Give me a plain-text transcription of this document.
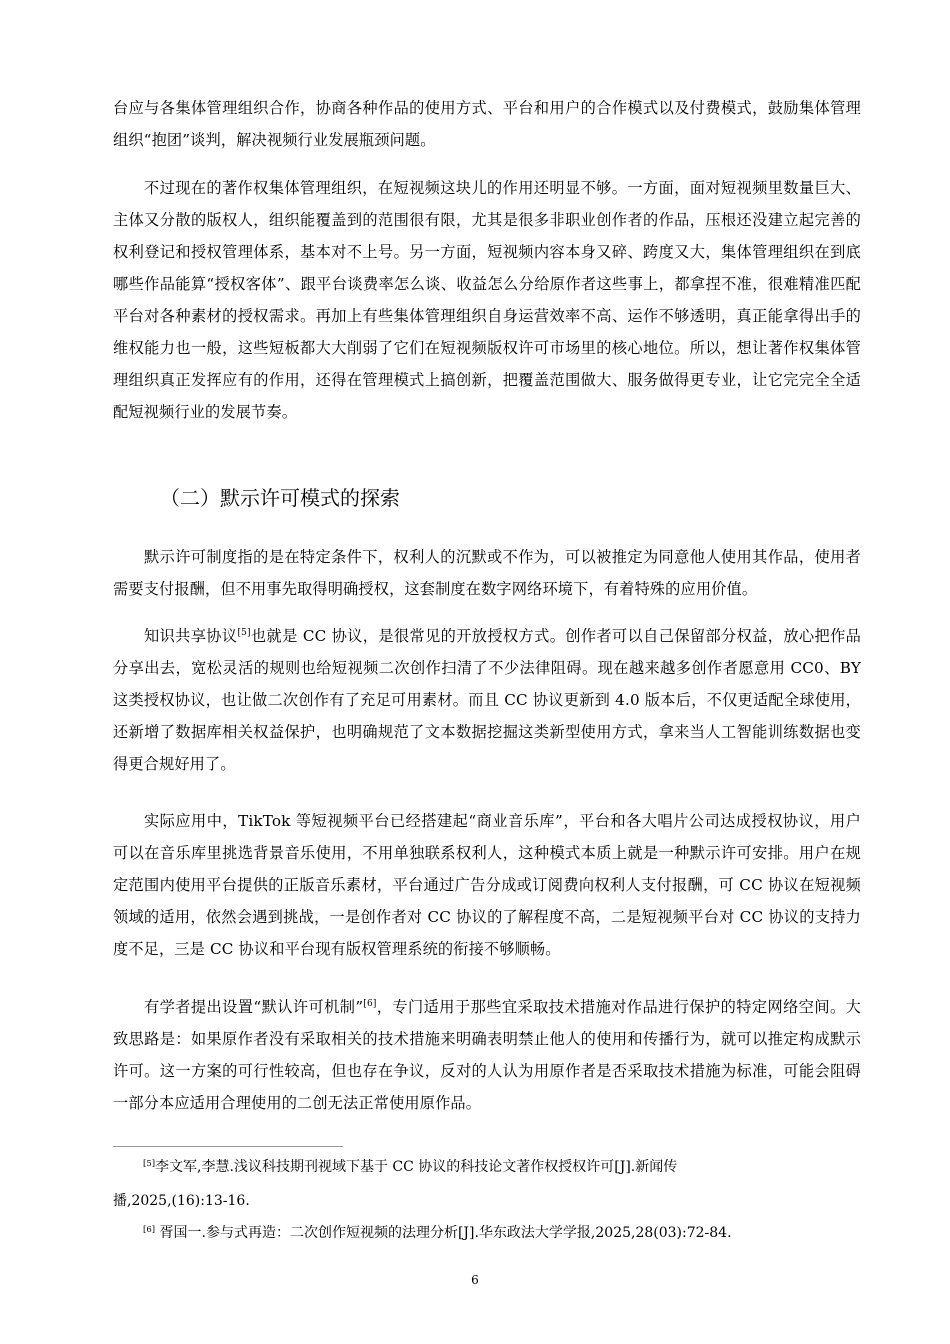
台应与各集体管理组织合作，协商各种作品的使用方式、平台和用户的合作模式以及付费模式，鼓励集体管理组织“抱团”谈判，解决视频行业发展瓶颈问题。

不过现在的著作权集体管理组织，在短视频这块儿的作用还明显不够。一方面，面对短视频里数量巨大、主体又分散的版权人，组织能覆盖到的范围很有限，尤其是很多非职业创作者的作品，压根还没建立起完善的权利登记和授权管理体系，基本对不上号。另一方面，短视频内容本身又碎、跨度又大，集体管理组织在到底哪些作品能算“授权客体”、跟平台谈费率怎么谈、收益怎么分给原作者这些事上，都拿捏不准，很难精准匹配平台对各种素材的授权需求。再加上有些集体管理组织自身运营效率不高、运作不够透明，真正能拿得出手的维权能力也一般，这些短板都大大削弱了它们在短视频版权许可市场里的核心地位。所以，想让著作权集体管理组织真正发挥应有的作用，还得在管理模式上搞创新，把覆盖范围做大、服务做得更专业，让它完完全全适配短视频行业的发展节奏。

（二）默示许可模式的探索

默示许可制度指的是在特定条件下，权利人的沉默或不作为，可以被推定为同意他人使用其作品，使用者需要支付报酬，但不用事先取得明确授权，这套制度在数字网络环境下，有着特殊的应用价值。

知识共享协议[5]也就是 CC 协议，是很常见的开放授权方式。创作者可以自己保留部分权益，放心把作品分享出去，宽松灵活的规则也给短视频二次创作扫清了不少法律阻碍。现在越来越多创作者愿意用 CC0、BY 这类授权协议，也让做二次创作有了充足可用素材。而且 CC 协议更新到 4.0 版本后，不仅更适配全球使用，还新增了数据库相关权益保护，也明确规范了文本数据挖掘这类新型使用方式，拿来当人工智能训练数据也变得更合规好用了。

实际应用中，TikTok 等短视频平台已经搭建起“商业音乐库”，平台和各大唱片公司达成授权协议，用户可以在音乐库里挑选背景音乐使用，不用单独联系权利人，这种模式本质上就是一种默示许可安排。用户在规定范围内使用平台提供的正版音乐素材，平台通过广告分成或订阅费向权利人支付报酬，可 CC 协议在短视频领域的适用，依然会遇到挑战，一是创作者对 CC 协议的了解程度不高，二是短视频平台对 CC 协议的支持力度不足，三是 CC 协议和平台现有版权管理系统的衔接不够顺畅。

有学者提出设置“默认许可机制”[6]，专门适用于那些宜采取技术措施对作品进行保护的特定网络空间。大致思路是：如果原作者没有采取相关的技术措施来明确表明禁止他人的使用和传播行为，就可以推定构成默示许可。这一方案的可行性较高，但也存在争议，反对的人认为用原作者是否采取技术措施为标准，可能会阻碍一部分本应适用合理使用的二创无法正常使用原作品。

[5]李文军,李慧.浅议科技期刊视域下基于 CC 协议的科技论文著作权授权许可[J].新闻传
播,2025,(16):13-16.

[6] 胥国一.参与式再造：二次创作短视频的法理分析[J].华东政法大学学报,2025,28(03):72-84.

6
